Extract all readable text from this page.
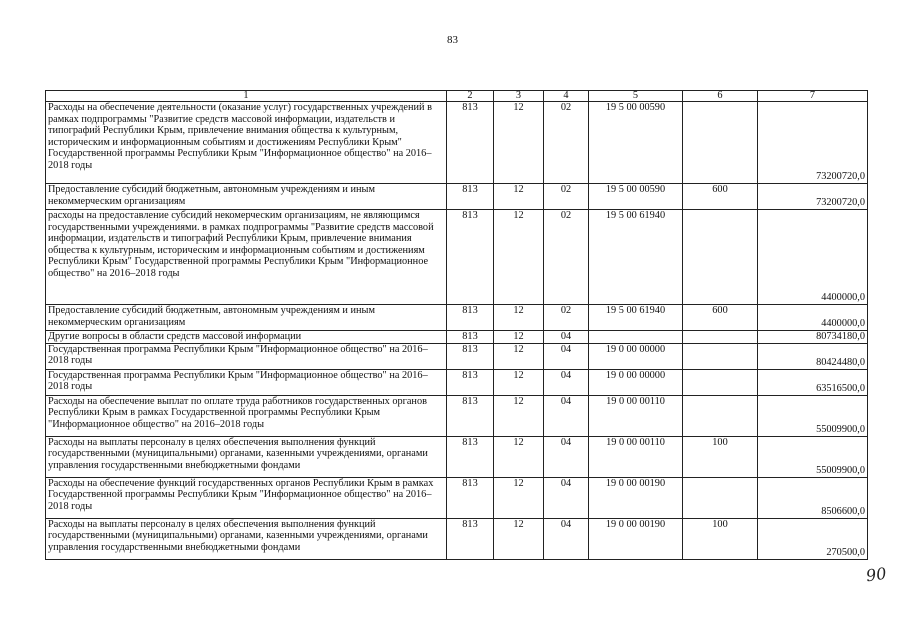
83
1	2	3	4	5	6	7
Расходы на обеспечение деятельности (оказание услуг) государственных учреждений в рамках подпрограммы "Развитие средств массовой информации, издательств и типографий Республики Крым, привлечение внимания общества к культурным, историческим и информационным событиям и достижениям Республики Крым" Государственной программы Республики Крым "Информационное общество" на 2016–2018 годы	813	12	02	19 5 00 00590		73200720,0
Предоставление субсидий бюджетным, автономным учреждениям и иным некоммерческим организациям	813	12	02	19 5 00 00590	600	73200720,0
расходы на предоставление субсидий некомерческим организациям, не являющимся государственными учреждениями. в рамках подпрограммы "Развитие средств массовой информации, издательств и типографий Республики Крым, привлечение внимания общества к культурным, историческим и информационным событиям и достижениям Республики Крым" Государственной программы Республики Крым "Информационное общество" на 2016–2018 годы	813	12	02	19 5 00 61940		4400000,0
Предоставление субсидий бюджетным, автономным учреждениям и иным некоммерческим организациям	813	12	02	19 5 00 61940	600	4400000,0
Другие вопросы в области средств массовой информации	813	12	04			80734180,0
Государственная программа Республики Крым "Информационное общество" на 2016–2018 годы	813	12	04	19 0 00 00000		80424480,0
Государственная программа Республики Крым "Информационное общество" на 2016–2018 годы	813	12	04	19 0 00 00000		63516500,0
Расходы на обеспечение выплат по оплате труда работников государственных органов Республики Крым в рамках Государственной программы Республики Крым "Информационное общество" на 2016–2018 годы	813	12	04	19 0 00 00110		55009900,0
Расходы на выплаты персоналу в целях обеспечения выполнения функций государственными (муниципальными) органами, казенными учреждениями, органами управления государственными внебюджетными фондами	813	12	04	19 0 00 00110	100	55009900,0
Расходы на обеспечение функций государственных органов Республики Крым в рамках Государственной программы Республики Крым "Информационное общество" на 2016–2018 годы	813	12	04	19 0 00 00190		8506600,0
Расходы на выплаты персоналу в целях обеспечения выполнения функций государственными (муниципальными) органами, казенными учреждениями, органами управления государственными внебюджетными фондами	813	12	04	19 0 00 00190	100	270500,0
90
